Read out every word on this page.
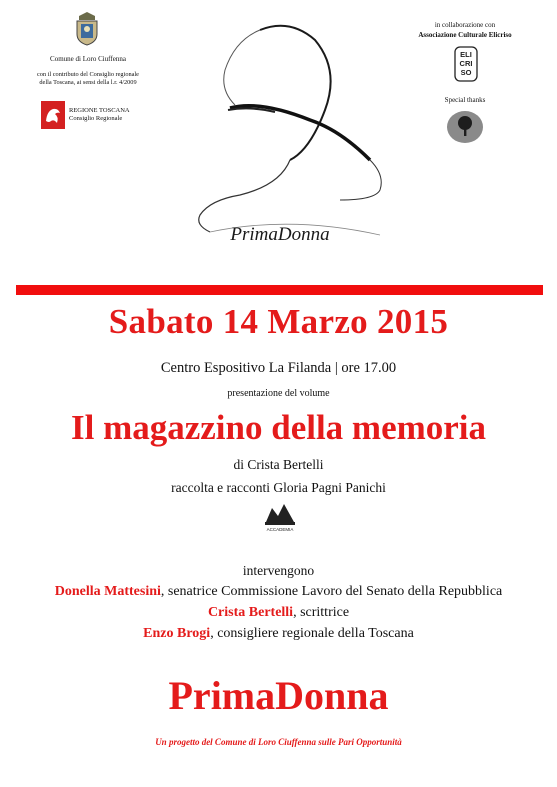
Comune di Loro Ciuffenna
con il contributo del Consiglio regionale
della Toscana, ai sensi della l.r. 4/2009
REGIONE TOSCANA
Consiglio Regionale
in collaborazione con
Associazione Culturale Elicriso
ELI
CRI
SO
Special thanks
PrimaDonna
Sabato 14 Marzo 2015
Centro Espositivo La Filanda | ore 17.00
presentazione del volume
Il magazzino della memoria
di Crista Bertelli
raccolta e racconti Gloria Pagni Panichi
ACCADEMIA
intervengono
Donella Mattesini, senatrice Commissione Lavoro del Senato della Repubblica
Crista Bertelli, scrittrice
Enzo Brogi, consigliere regionale della Toscana
PrimaDonna
Un progetto del Comune di Loro Ciuffenna sulle Pari Opportunità
